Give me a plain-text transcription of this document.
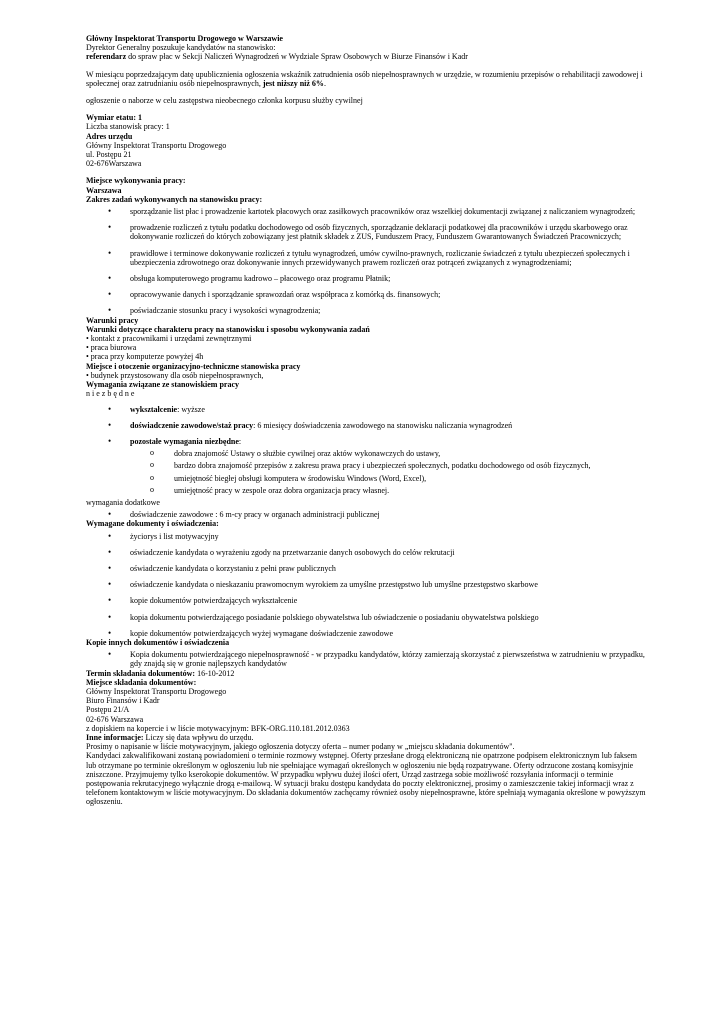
Główny Inspektorat Transportu Drogowego w Warszawie

Dyrektor Generalny poszukuje kandydatów na stanowisko:

referendarz do spraw płac w Sekcji Naliczeń Wynagrodzeń w Wydziale Spraw Osobowych w Biurze Finansów i Kadr

W miesiącu poprzedzającym datę upublicznienia ogłoszenia wskaźnik zatrudnienia osób niepełnosprawnych w urzędzie, w rozumieniu przepisów o rehabilitacji zawodowej i społecznej oraz zatrudnianiu osób niepełnosprawnych, jest niższy niż 6%.

ogłoszenie o naborze w celu zastępstwa nieobecnego członka korpusu służby cywilnej

Wymiar etatu: 1

Liczba stanowisk pracy: 1

Adres urzędu

Główny Inspektorat Transportu Drogowego

ul. Postępu 21

02-676Warszawa

Miejsce wykonywania pracy:

Warszawa

Zakres zadań wykonywanych na stanowisku pracy:

• sporządzanie list płac i prowadzenie kartotek płacowych oraz zasiłkowych pracowników oraz wszelkiej dokumentacji związanej z naliczaniem wynagrodzeń;
• prowadzenie rozliczeń z tytułu podatku dochodowego od osób fizycznych, sporządzanie deklaracji podatkowej dla pracowników i urzędu skarbowego oraz dokonywanie rozliczeń do których zobowiązany jest płatnik składek z ZUS, Funduszem Pracy, Funduszem Gwarantowanych Świadczeń Pracowniczych;
• prawidłowe i terminowe dokonywanie rozliczeń z tytułu wynagrodzeń, umów cywilno-prawnych, rozliczanie świadczeń z tytułu ubezpieczeń społecznych i ubezpieczenia zdrowotnego oraz dokonywanie innych przewidywanych prawem rozliczeń oraz potrąceń związanych z wynagrodzeniami;
• obsługa komputerowego programu kadrowo – płacowego oraz programu Płatnik;
• opracowywanie danych i sporządzanie sprawozdań oraz współpraca z komórką ds. finansowych;
• poświadczanie stosunku pracy i wysokości wynagrodzenia;

Warunki pracy

Warunki dotyczące charakteru pracy na stanowisku i sposobu wykonywania zadań

• kontakt z pracownikami i urzędami zewnętrznymi

• praca biurowa

• praca przy komputerze powyżej 4h

Miejsce i otoczenie organizacyjno-techniczne stanowiska pracy

• budynek przystosowany dla osób niepełnosprawnych,

Wymagania związane ze stanowiskiem pracy

n i e z b ę d n e

• wykształcenie: wyższe
• doświadczenie zawodowe/staż pracy: 6 miesięcy doświadczenia zawodowego na stanowisku naliczania wynagrodzeń
• pozostałe wymagania niezbędne:
o dobra znajomość Ustawy o służbie cywilnej oraz aktów wykonawczych do ustawy,
o bardzo dobra znajomość przepisów z zakresu prawa pracy i ubezpieczeń społecznych, podatku dochodowego od osób fizycznych,
o umiejętność biegłej obsługi komputera w środowisku Windows (Word, Excel),
o umiejętność pracy w zespole oraz dobra organizacja pracy własnej.

wymagania dodatkowe

• doświadczenie zawodowe : 6 m-cy pracy w organach administracji publicznej

Wymagane dokumenty i oświadczenia:

• życiorys i list motywacyjny
• oświadczenie kandydata o wyrażeniu zgody na przetwarzanie danych osobowych do celów rekrutacji
• oświadczenie kandydata o korzystaniu z pełni praw publicznych
• oświadczenie kandydata o nieskazaniu prawomocnym wyrokiem za umyślne przestępstwo lub umyślne przestępstwo skarbowe
• kopie dokumentów potwierdzających wykształcenie
• kopia dokumentu potwierdzającego posiadanie polskiego obywatelstwa lub oświadczenie o posiadaniu obywatelstwa polskiego
• kopie dokumentów potwierdzających wyżej wymagane doświadczenie zawodowe

Kopie innych dokumentów i oświadczenia

• Kopia dokumentu potwierdzającego niepełnosprawność - w przypadku kandydatów, którzy zamierzają skorzystać z pierwszeństwa w zatrudnieniu w przypadku, gdy znajdą się w gronie najlepszych kandydatów

Termin składania dokumentów: 16-10-2012

Miejsce składania dokumentów:

Główny Inspektorat Transportu Drogowego

Biuro Finansów i Kadr

Postępu 21/A

02-676 Warszawa

z dopiskiem na kopercie i w liście motywacyjnym: BFK-ORG.110.181.2012.0363

Inne informacje: Liczy się data wpływu do urzędu.

Prosimy o napisanie w liście motywacyjnym, jakiego ogłoszenia dotyczy oferta – numer podany w „miejscu składania dokumentów".

Kandydaci zakwalifikowani zostaną powiadomieni o terminie rozmowy wstępnej. Oferty przesłane drogą elektroniczną nie opatrzone podpisem elektronicznym lub faksem lub otrzymane po terminie określonym w ogłoszeniu lub nie spełniające wymagań określonych w ogłoszeniu nie będą rozpatrywane. Oferty odrzucone zostaną komisyjnie zniszczone. Przyjmujemy tylko kserokopie dokumentów. W przypadku wpływu dużej ilości ofert, Urząd zastrzega sobie możliwość rozsyłania informacji o terminie postępowania rekrutacyjnego wyłącznie drogą e-mailową. W sytuacji braku dostępu kandydata do poczty elektronicznej, prosimy o zamieszczenie takiej informacji wraz z telefonem kontaktowym w liście motywacyjnym. Do składania dokumentów zachęcamy również osoby niepełnosprawne, które spełniają wymagania określone w powyższym ogłoszeniu.
